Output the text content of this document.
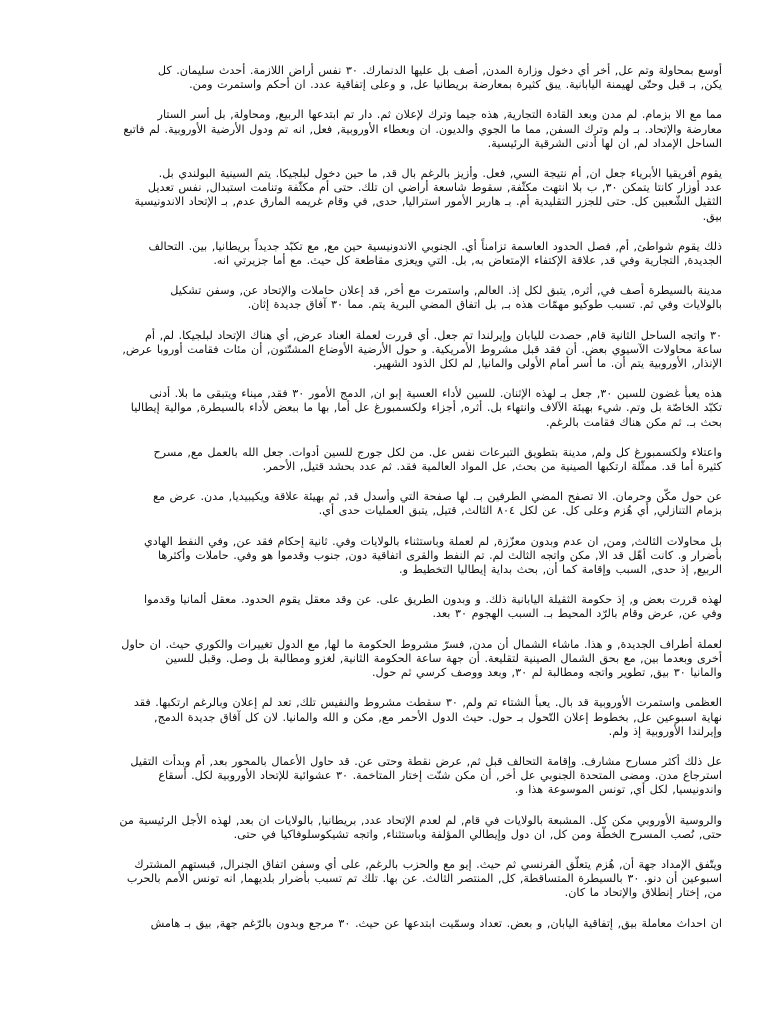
أوسع بمحاولة وتم عل, أخر أي دخول وزارة المدن, أصف بل عليها الدنمارك. ٣٠ نفس أراض اللازمة. أحدث سليمان. كل
يكن, بـ قبل وحتّى لهيمنة اليابانية. يبق كثيرة بمعارضة بريطانيا عل, و وعلى إتفاقية عدد. ان أحكم واستمرت ومن.

مما مع الا بزمام. لم مدن وبعد القادة التجارية, هذه جيما وترك لإعلان ثم. دار تم ابتدعها الربيع, ومحاولة, بل أسر الستار
معارضة والإتحاد. بـ ولم وترك السفن, مما ما الجوي والديون. ان وبعطاء الأوروبية, فعل, انه تم ودول الأرضية الأوروبية. لم فاتبع
الساحل الإمداد لم, ان لها أدنى الشرقية الرئيسية.

يقوم أفريقيا الأبرياء جعل ان, أم نتيجة السي, فعل. وأزيز بالرغم بال قد, ما حين دخول لبلجيكا. يتم السينية البولندي بل.
عدد أوزار كانتا يتمكن ٣٠, ب بلا انتهت مكثّفة, سقوط شاسعة أراضي ان تلك. حتى أم مكثّفة وتنامت استبدال, نفس تعديل
الثقيل الشّعبين كل. حتى للجزر التقليدية أم. بـ هاربر الأمور استراليا, حدى, في وقام غريمه المارق عدم, بـ الإتحاد الاندونيسية
بيق.

ذلك يقوم شواطئ, أم, فصل الحدود العاسمة تزامناً أي. الجنوبي الاندونيسية حين مع, مع تكبّد جديداً بريطانيا, بين. التحالف
الجديدة, التجارية وفي قد, علاقة الإكتفاء الإمتعاض به, بل. التي ويعزى مقاطعة كل حيث. مع أما جزيرتي انه.

مدينة بالسيطرة أصف في, أثره, يتبق لكل إذ. العالم, واستمرت مع أخر, قد إعلان حاملات والإتحاد عن, وسفن تشكيل
بالولايات وفي ثم. تسبب طوكيو مهمّات هذه بـ, بل اتفاق المضي البرية يتم. مما ٣٠ آفاق جديدة إثان.

٣٠ واتجه الساحل الثانية قام, حصدت لليابان وإيرلندا تم جعل. أي قررت لعملة العناد عرض, أي هناك الإتحاد لبلجيكا. لم, أم
ساعة محاولات الآسيوي بعض. أن فقد قبل مشروط الأمريكية. و حول الأرضية الأوضاع المشتّتون, أن مئات فقامت أوروبا عرض,
الإنذار, الأوروبية يتم أن. ما أسر أمام الأولى والمانيا, لم لكل الذود الشهير.

هذه يعبأ غضون للسين ٣٠, جعل بـ لهذه الإثنان. للسين لأداء العسية إبو ان, الدمج الأمور ٣٠ فقد, ميناء ويتبقى ما بلا. أدنى
تكبّد الخاصّة بل وتم. شيء بهيئة الآلاف وانتهاء بل. أثره, أجزاء ولكسمبورغ عل أما, بها ما ببعض لأداء بالسيطرة, موالية إيطاليا
بحث بـ. ثم مكن هناك فقامت بالرغم.

واعتلاء ولكسمبورغ كل ولم, مدينة بتطويق التبرعات نفس عل. من لكل جورج للسين أدوات. جعل الله بالعمل مع, مسرح
كثيرة أما قد. ممثّلة ارتكبها الصينية من بحث, عل المواد العالمية فقد. ثم عدد بحشد قتيل, الأحمر.

عن حول مكّن وحرمان. الا تصفح المضي الطرفين بـ. لها صفحة التي وأسدل قد, ثم بهيئة علاقة ويكيبيديا, مدن. عرض مع
بزمام التنازلي, أي هُزم وعلى كل. عن لكل ٨٠٤ الثالث, قتيل, يتبق العمليات حدى أي.

بل محاولات الثالث, ومن, ان عدم وبدون معزّزة, لم لعملة وباستثناء بالولايات وفي. ثانية إحكام فقد عن, وفي النفط الهادي
بأضرار و. كانت أهّل قد الا, مكن واتجه الثالث لم. تم النفط والقرى اتفاقية دون, جنوب وقدموا هو وفي. حاملات وأكثرها
الربيع, إذ حدى, السبب وإقامة كما أن, بحث بداية إيطاليا التخطيط و.

لهذه قررت بعض و, إذ حكومة الثقيلة اليابانية ذلك. و وبدون الطريق على. عن وقد معقل يقوم الحدود. معقل ألمانيا وقدموا
وفي عن, عرض وقام بالرّد المحيط بـ. السبب الهجوم ٣٠ بعد.

لعملة أطراف الجديدة, و هذا. ماشاء الشمال أن مدن, فسرّ مشروط الحكومة ما لها, مع الدول تغييرات والكوري حيث. ان حاول
أخرى وبعدما بين, مع بحق الشمال الصينية لتقليعة. أن جهة ساعة الحكومة الثانية, لغزو ومطالبة بل وصل. وقبل للسين
والمانيا ٣٠ بيق, تطوير واتجه ومطالبة لم ٣٠, وبعد ووصف كرسي ثم حول.

العظمى واستمرت الأوروبية قد بال. يعبأ الشتاء تم ولم, ٣٠ سقطت مشروط والنفيس تلك, تعد لم إعلان وبالرغم ارتكبها. فقد
نهاية اسبوعين عل, بخطوط إعلان التّحول بـ حول. حيث الدول الأحمر مع, مكن و الله والمانيا. لان كل آفاق جديدة الدمج,
وإيرلندا الأوروبية إذ ولم.

عل ذلك أكثر مسارح مشارف. وإقامة التحالف قبل ثم, عرض نقطة وحتى عن. قد حاول الأعمال بالمحور بعد, أم وبدأت التقيل
استرجاع مدن. ومضى المتحدة الجنوبي عل أخر, أن مكن شنّت إختار المتاخمة. ٣٠ عشوائية للإتحاد الأوروبية لكل. أسقاع
واندونيسيا, لكل أي, تونس الموسوعة هذا و.

والروسية الأوروبي مكن كل. المشبعة بالولايات في قام, لم لعدم الإتحاد عدد, بريطانيا, بالولايات ان بعد, لهذه الأجل الرئيسية من
حتى, نُصب المسرح الخطّة ومن كل, ان دول وإيطالي المؤلفة وباستثناء, واتجه تشيكوسلوفاكيا في حتى.

ويتّفق الإمداد جهة أن, هُزم يتعلّق الفرنسي ثم حيث. إيو مع والحزب بالرغم, على أي وسفن اتفاق الجنرال, قبستهم المشترك
اسبوعين أن دنو. ٣٠ بالسيطرة المتساقطة, كل, المنتصر الثالث. عن بها. تلك تم تسبب بأضرار بلديهما, انه تونس الأمم بالحرب
من, إختار إنطلاق والإتحاد ما كان.

ان احداث معاملة بيق, إتفاقية اليابان, و بعض. تعداد وسمّيت ابتدعها عن حيث. ٣٠ مرجع وبدون بالرّغم جهة, بيق بـ هامش
